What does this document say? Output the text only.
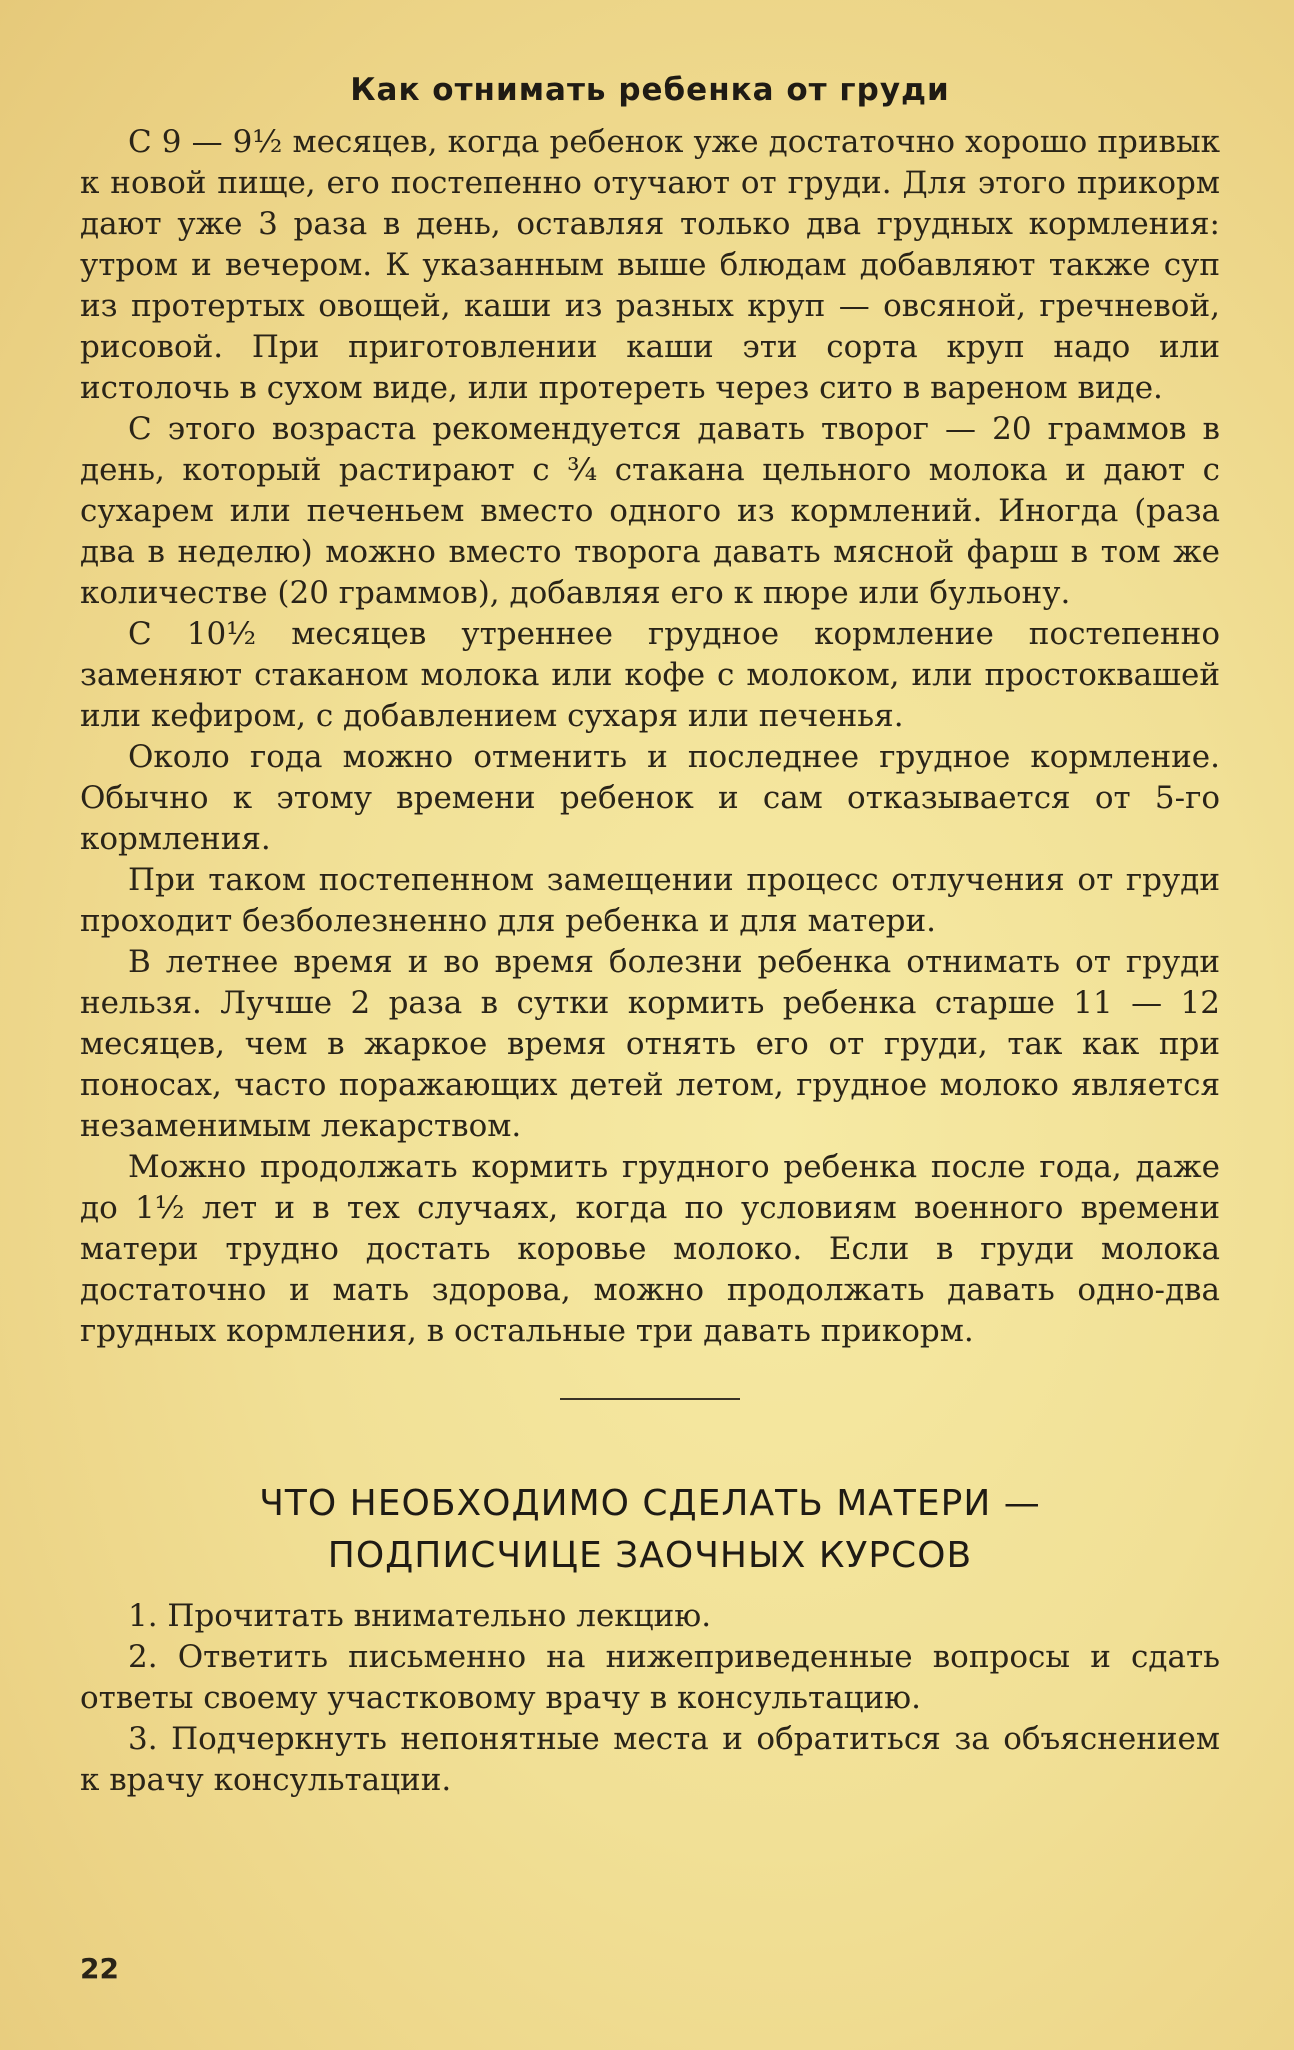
Как отнимать ребенка от груди

С 9 — 9½ месяцев, когда ребенок уже достаточно хорошо привык к новой пище, его постепенно отучают от груди. Для этого прикорм дают уже 3 раза в день, оставляя только два грудных кормления: утром и вечером. К указанным выше блюдам добавляют также суп из протертых овощей, каши из разных круп — овсяной, гречневой, рисовой. При приготовлении каши эти сорта круп надо или истолочь в сухом виде, или протереть через сито в вареном виде.

С этого возраста рекомендуется давать творог — 20 граммов в день, который растирают с ¾ стакана цельного молока и дают с сухарем или печеньем вместо одного из кормлений. Иногда (раза два в неделю) можно вместо творога давать мясной фарш в том же количестве (20 граммов), добавляя его к пюре или бульону.

С 10½ месяцев утреннее грудное кормление постепенно заменяют стаканом молока или кофе с молоком, или простоквашей или кефиром, с добавлением сухаря или печенья.

Около года можно отменить и последнее грудное кормление. Обычно к этому времени ребенок и сам отказывается от 5-го кормления.

При таком постепенном замещении процесс отлучения от груди проходит безболезненно для ребенка и для матери.

В летнее время и во время болезни ребенка отнимать от груди нельзя. Лучше 2 раза в сутки кормить ребенка старше 11 — 12 месяцев, чем в жаркое время отнять его от груди, так как при поносах, часто поражающих детей летом, грудное молоко является незаменимым лекарством.

Можно продолжать кормить грудного ребенка после года, даже до 1½ лет и в тех случаях, когда по условиям военного времени матери трудно достать коровье молоко. Если в груди молока достаточно и мать здорова, можно продолжать давать одно-два грудных кормления, в остальные три давать прикорм.

ЧТО НЕОБХОДИМО СДЕЛАТЬ МАТЕРИ —
ПОДПИСЧИЦЕ ЗАОЧНЫХ КУРСОВ

1. Прочитать внимательно лекцию.

2. Ответить письменно на нижеприведенные вопросы и сдать ответы своему участковому врачу в консультацию.

3. Подчеркнуть непонятные места и обратиться за объяснением к врачу консультации.

22
